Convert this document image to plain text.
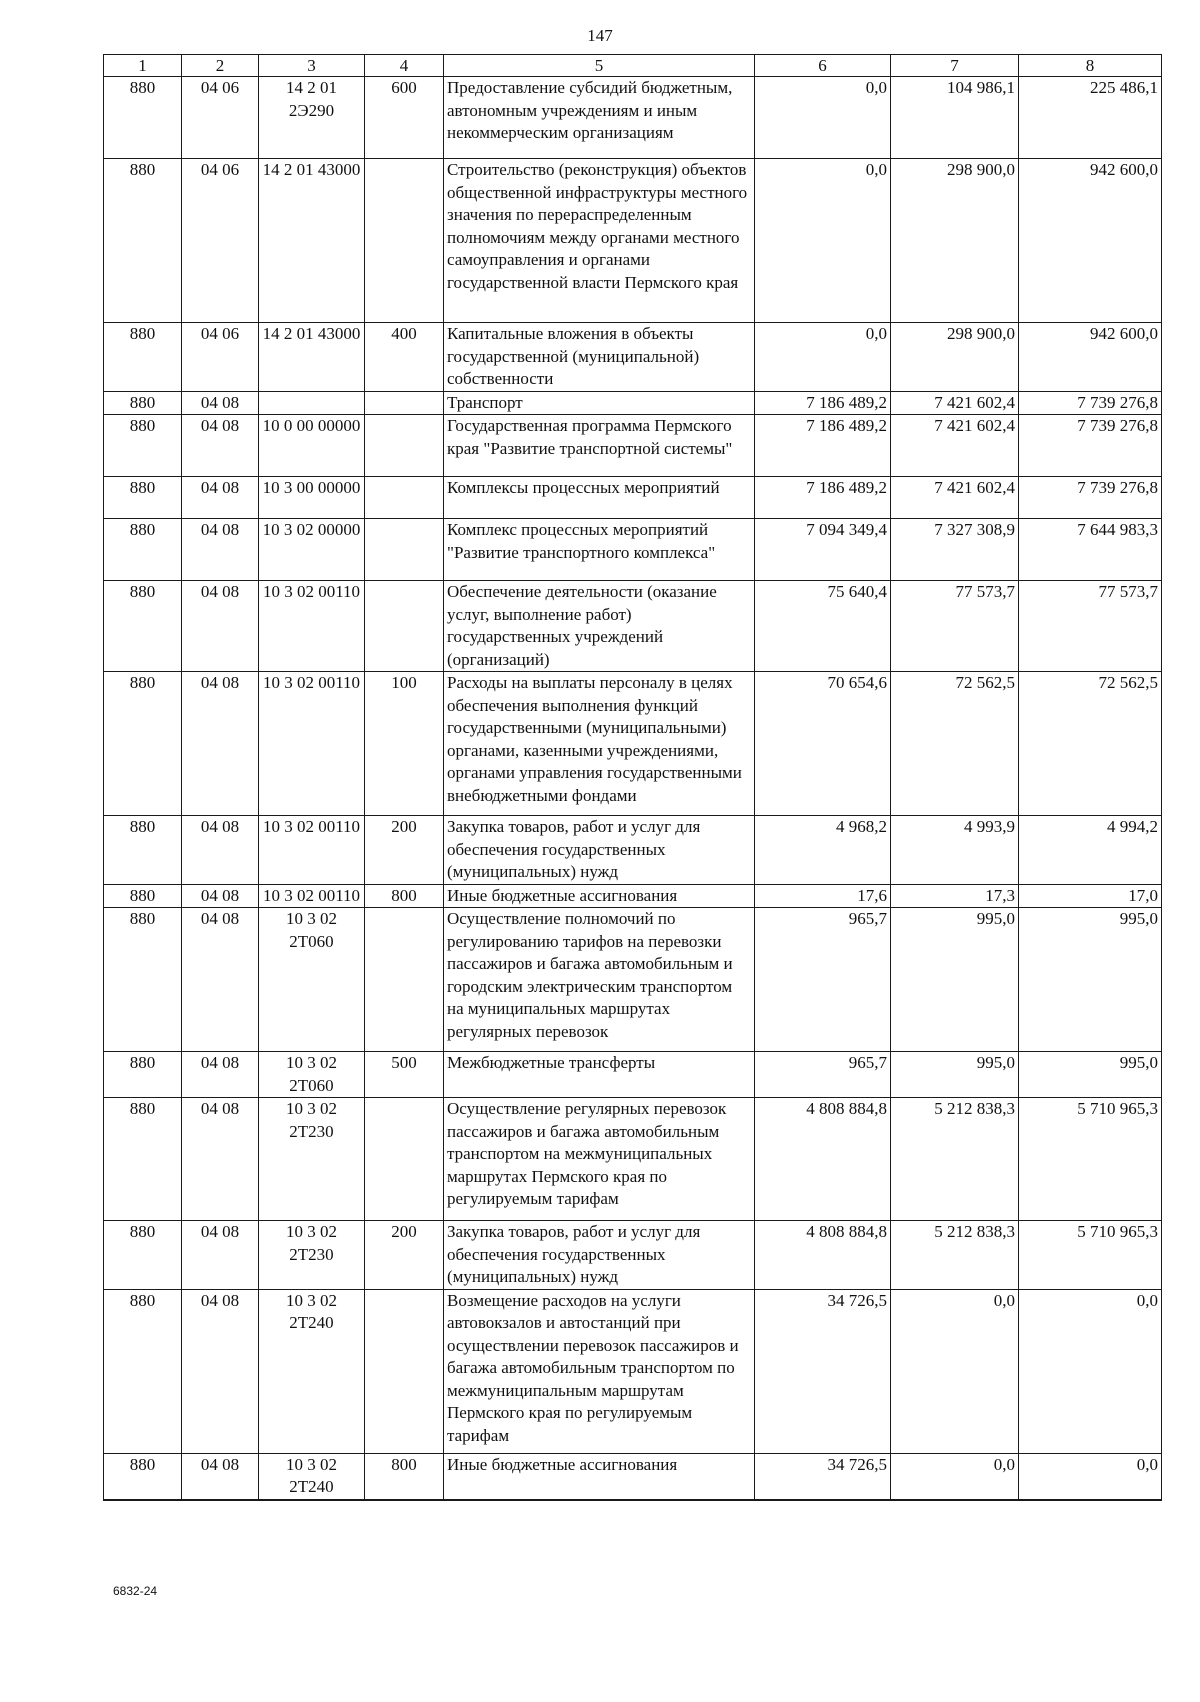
147
1	2	3	4	5	6	7	8
880	04 06	14 2 01 2Э290	600	Предоставление субсидий бюджетным, автономным учреждениям и иным некоммерческим организациям	0,0	104 986,1	225 486,1
880	04 06	14 2 01 43000		Строительство (реконструкция) объектов общественной инфраструктуры местного значения по перераспределенным полномочиям между органами местного самоуправления и органами государственной власти Пермского края	0,0	298 900,0	942 600,0
880	04 06	14 2 01 43000	400	Капитальные вложения в объекты государственной (муниципальной) собственности	0,0	298 900,0	942 600,0
880	04 08			Транспорт	7 186 489,2	7 421 602,4	7 739 276,8
880	04 08	10 0 00 00000		Государственная программа Пермского края "Развитие транспортной системы"	7 186 489,2	7 421 602,4	7 739 276,8
880	04 08	10 3 00 00000		Комплексы процессных мероприятий	7 186 489,2	7 421 602,4	7 739 276,8
880	04 08	10 3 02 00000		Комплекс процессных мероприятий "Развитие транспортного комплекса"	7 094 349,4	7 327 308,9	7 644 983,3
880	04 08	10 3 02 00110		Обеспечение деятельности (оказание услуг, выполнение работ) государственных учреждений (организаций)	75 640,4	77 573,7	77 573,7
880	04 08	10 3 02 00110	100	Расходы на выплаты персоналу в целях обеспечения выполнения функций государственными (муниципальными) органами, казенными учреждениями, органами управления государственными внебюджетными фондами	70 654,6	72 562,5	72 562,5
880	04 08	10 3 02 00110	200	Закупка товаров, работ и услуг для обеспечения государственных (муниципальных) нужд	4 968,2	4 993,9	4 994,2
880	04 08	10 3 02 00110	800	Иные бюджетные ассигнования	17,6	17,3	17,0
880	04 08	10 3 02 2T060		Осуществление полномочий по регулированию тарифов на перевозки пассажиров и багажа автомобильным и городским электрическим транспортом на муниципальных маршрутах регулярных перевозок	965,7	995,0	995,0
880	04 08	10 3 02 2T060	500	Межбюджетные трансферты	965,7	995,0	995,0
880	04 08	10 3 02 2T230		Осуществление регулярных перевозок пассажиров и багажа автомобильным транспортом на межмуниципальных маршрутах Пермского края по регулируемым тарифам	4 808 884,8	5 212 838,3	5 710 965,3
880	04 08	10 3 02 2T230	200	Закупка товаров, работ и услуг для обеспечения государственных (муниципальных) нужд	4 808 884,8	5 212 838,3	5 710 965,3
880	04 08	10 3 02 2T240		Возмещение расходов на услуги автовокзалов и автостанций при осуществлении перевозок пассажиров и багажа автомобильным транспортом по межмуниципальным маршрутам Пермского края по регулируемым тарифам	34 726,5	0,0	0,0
880	04 08	10 3 02 2T240	800	Иные бюджетные ассигнования	34 726,5	0,0	0,0
6832-24
